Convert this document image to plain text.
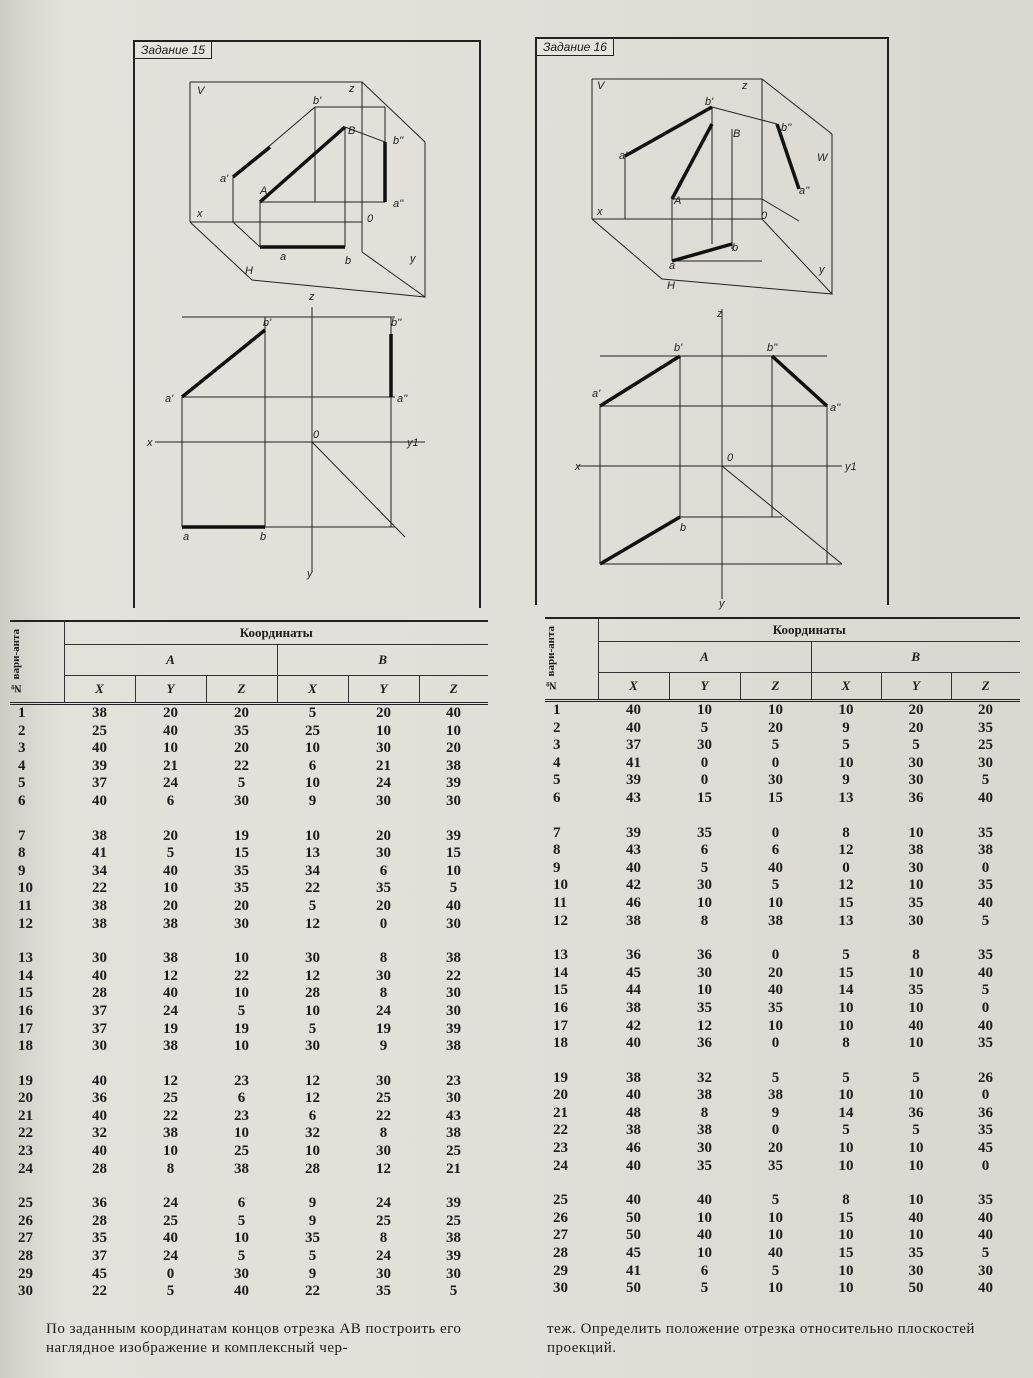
Задание 15
V	z
b'
B
b''
a'
A
a''
x	0
H
a	b	y
z
b'	b''
a'	a''
x
0
y1
a	b
y
Задание 16
V	z
b'
B	b''
W
a'
A
a''
x	0
H
a
b
y
z
b'	b''
a'
a''
x
0
y1
b
y
№ вари-анта	Координаты					
	A			B		
	X	Y	Z	X	Y	Z
1	38	20	20	5	20	40
2	25	40	35	25	10	10
3	40	10	20	10	30	20
4	39	21	22	6	21	38
5	37	24	5	10	24	39
6	40	6	30	9	30	30

7	38	20	19	10	20	39
8	41	5	15	13	30	15
9	34	40	35	34	6	10
10	22	10	35	22	35	5
11	38	20	20	5	20	40
12	38	38	30	12	0	30

13	30	38	10	30	8	38
14	40	12	22	12	30	22
15	28	40	10	28	8	30
16	37	24	5	10	24	30
17	37	19	19	5	19	39
18	30	38	10	30	9	38

19	40	12	23	12	30	23
20	36	25	6	12	25	30
21	40	22	23	6	22	43
22	32	38	10	32	8	38
23	40	10	25	10	30	25
24	28	8	38	28	12	21

25	36	24	6	9	24	39
26	28	25	5	9	25	25
27	35	40	10	35	8	38
28	37	24	5	5	24	39
29	45	0	30	9	30	30
30	22	5	40	22	35	5
№ вари-анта	Координаты					
	A			B		
	X	Y	Z	X	Y	Z
1	40	10	10	10	20	20
2	40	5	20	9	20	35
3	37	30	5	5	5	25
4	41	0	0	10	30	30
5	39	0	30	9	30	5
6	43	15	15	13	36	40

7	39	35	0	8	10	35
8	43	6	6	12	38	38
9	40	5	40	0	30	0
10	42	30	5	12	10	35
11	46	10	10	15	35	40
12	38	8	38	13	30	5

13	36	36	0	5	8	35
14	45	30	20	15	10	40
15	44	10	40	14	35	5
16	38	35	35	10	10	0
17	42	12	10	10	40	40
18	40	36	0	8	10	35

19	38	32	5	5	5	26
20	40	38	38	10	10	0
21	48	8	9	14	36	36
22	38	38	0	5	5	35
23	46	30	20	10	10	45
24	40	35	35	10	10	0

25	40	40	5	8	10	35
26	50	10	10	15	40	40
27	50	40	10	10	10	40
28	45	10	40	15	35	5
29	41	6	5	10	30	30
30	50	5	10	10	50	40
По заданным координатам концов отрезка AB построить его наглядное изображение и комплексный чер-
теж. Определить положение отрезка относительно плоскостей проекций.
